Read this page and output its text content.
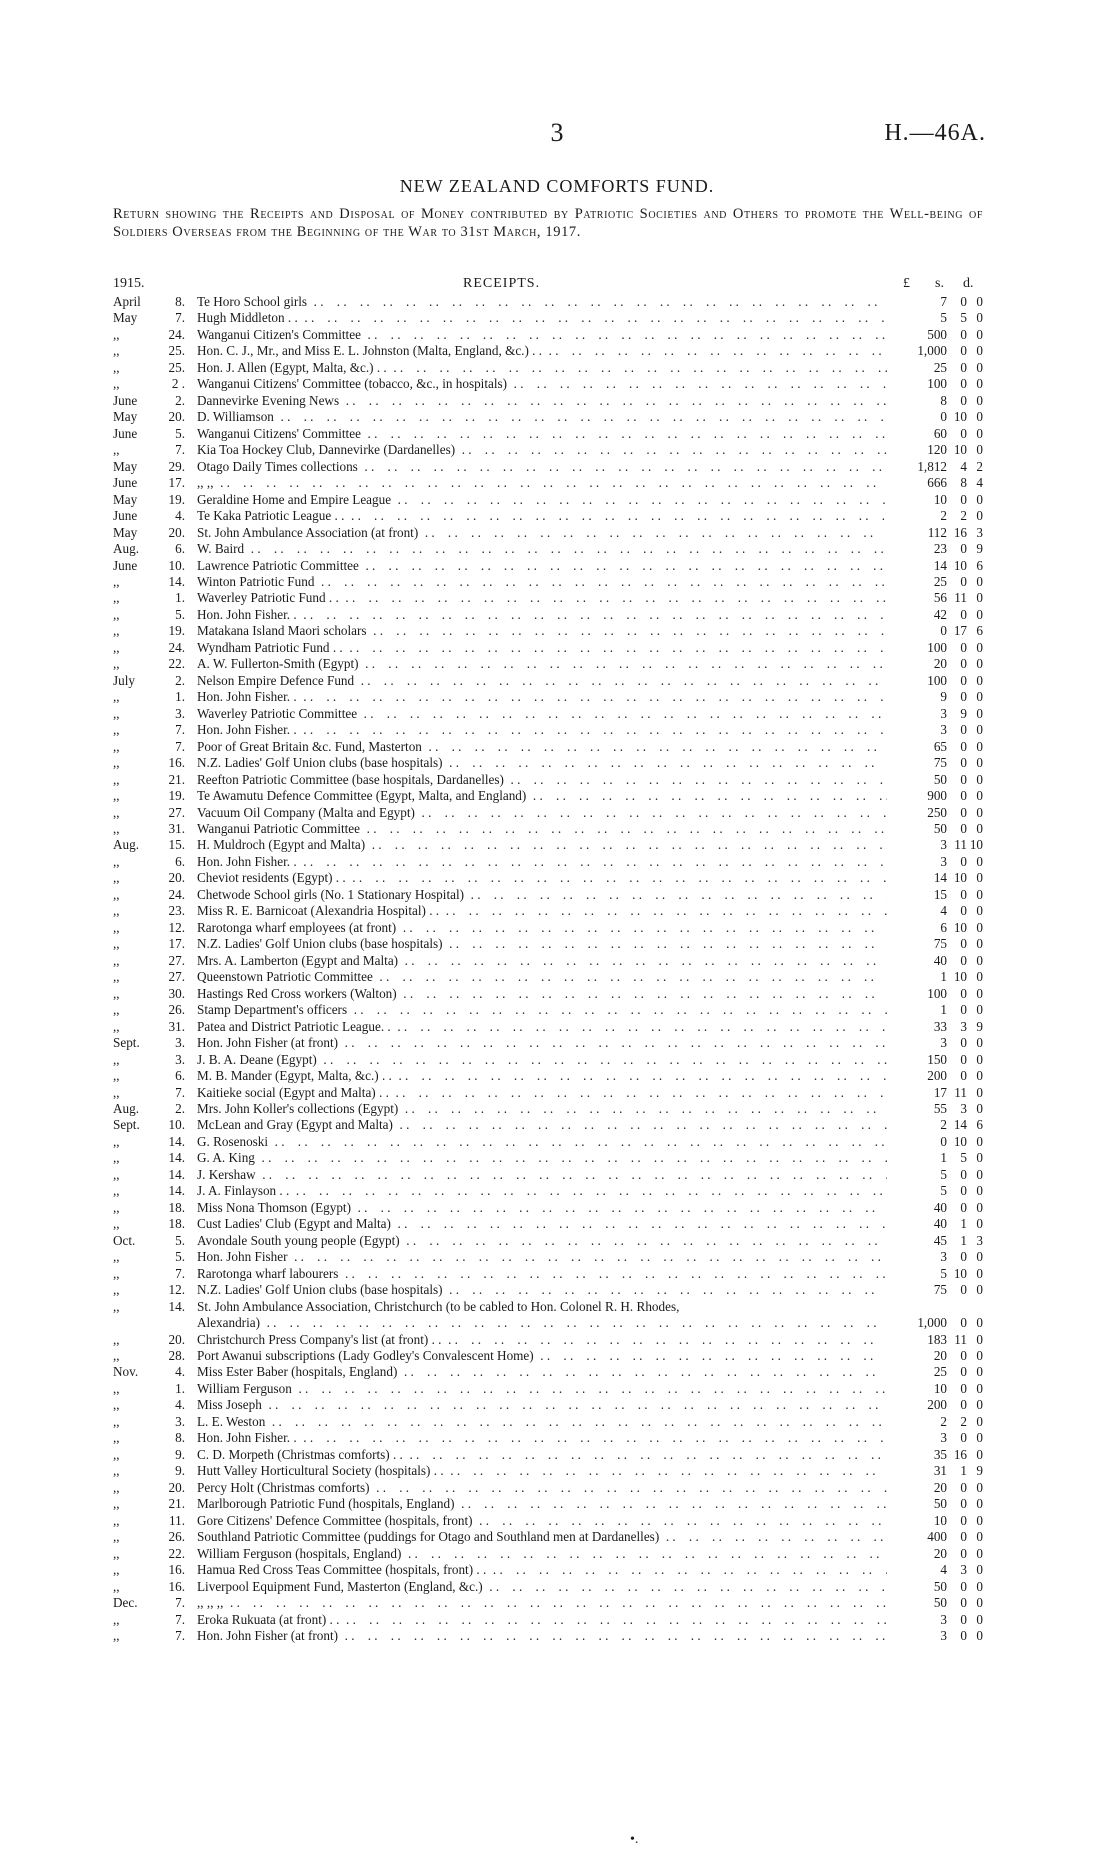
3	H.—46A.
NEW ZEALAND COMFORTS FUND.
Return showing the Receipts and Disposal of Money contributed by Patriotic Societies and Others to promote the Well-being of Soldiers Overseas from the Beginning of the War to 31st March, 1917.
1915.	RECEIPTS.	£ s. d.
April	8. Te Horo School girls . .	7	0 0
May	7. Hugh Middleton . . . .	5	5 0
,,	24. Wanganui Citizen's Committee . .	500	0 0
,,	25. Hon. C. J., Mr., and Miss E. L. Johnston (Malta, England, &c.) . . . .	1,000	0 0
,,	25. Hon. J. Allen (Egypt, Malta, &c.) . . . .	25	0 0
,,	2 . Wanganui Citizens' Committee (tobacco, &c., in hospitals) . .	100	0 0
June	2. Dannevirke Evening News . .	8	0 0
May	20. D. Williamson . .	0 10 0
June	5. Wanganui Citizens' Committee . .	60	0 0
,,	7. Kia Toa Hockey Club, Dannevirke (Dardanelles) . .	120 10 0
May	29. Otago Daily Times collections . .	1,812	4 2
June	17. ,, ,, . .	666	8 4
May	19. Geraldine Home and Empire League . .	10	0 0
June	4. Te Kaka Patriotic League . . . .	2	2 0
May	20. St. John Ambulance Association (at front) . .	112 16 3
Aug.	6. W. Baird . .	23	0 9
June	10. Lawrence Patriotic Committee . .	14 10 6
,,	14. Winton Patriotic Fund . .	25	0 0
,,	1. Waverley Patriotic Fund . . . .	56 11 0
,,	5. Hon. John Fisher. . . .	42	0 0
,,	19. Matakana Island Maori scholars . .	0 17 6
,,	24. Wyndham Patriotic Fund . . . .	100	0 0
,,	22. A. W. Fullerton-Smith (Egypt) . .	20	0 0
July	2. Nelson Empire Defence Fund . .	100	0 0
,,	1. Hon. John Fisher. . . .	9	0 0
,,	3. Waverley Patriotic Committee . .	3	9 0
,,	7. Hon. John Fisher. . . .	3	0 0
,,	7. Poor of Great Britain &c. Fund, Masterton . .	65	0 0
,,	16. N.Z. Ladies' Golf Union clubs (base hospitals) . .	75	0 0
,,	21. Reefton Patriotic Committee (base hospitals, Dardanelles) . .	50	0 0
,,	19. Te Awamutu Defence Committee (Egypt, Malta, and England) . .	900	0 0
,,	27. Vacuum Oil Company (Malta and Egypt) . .	250	0 0
,,	31. Wanganui Patriotic Committee . .	50	0 0
Aug.	15. H. Muldroch (Egypt and Malta) . .	3 11 10
,,	6. Hon. John Fisher. . . .	3	0 0
,,	20. Cheviot residents (Egypt) . . . .	14 10 0
,,	24. Chetwode School girls (No. 1 Stationary Hospital) . .	15	0 0
,,	23. Miss R. E. Barnicoat (Alexandria Hospital) . . . .	4	0 0
,,	12. Rarotonga wharf employees (at front) . .	6 10 0
,,	17. N.Z. Ladies' Golf Union clubs (base hospitals) . .	75	0 0
,,	27. Mrs. A. Lamberton (Egypt and Malta) . .	40	0 0
,,	27. Queenstown Patriotic Committee . .	1 10 0
,,	30. Hastings Red Cross workers (Walton) . .	100	0 0
,,	26. Stamp Department's officers . .	1	0 0
,,	31. Patea and District Patriotic League. . . .	33	3 9
Sept.	3. Hon. John Fisher (at front) . .	3	0 0
,,	3. J. B. A. Deane (Egypt) . .	150	0 0
,,	6. M. B. Mander (Egypt, Malta, &c.) . . . .	200	0 0
,,	7. Kaitieke social (Egypt and Malta) . . . .	17 11 0
Aug.	2. Mrs. John Koller's collections (Egypt) . .	55	3 0
Sept.	10. McLean and Gray (Egypt and Malta) . .	2 14 6
,,	14. G. Rosenoski . .	0 10 0
,,	14. G. A. King . .	1	5 0
,,	14. J. Kershaw . .	5	0 0
,,	14. J. A. Finlayson . . . .	5	0 0
,,	18. Miss Nona Thomson (Egypt) . .	40	0 0
,,	18. Cust Ladies' Club (Egypt and Malta) . .	40	1 0
Oct.	5. Avondale South young people (Egypt) . .	45	1 3
,,	5. Hon. John Fisher . .	3	0 0
,,	7. Rarotonga wharf labourers . .	5 10 0
,,	12. N.Z. Ladies' Golf Union clubs (base hospitals) . .	75	0 0
,,	14. St. John Ambulance Association, Christchurch (to be cabled to Hon. Colonel R. H. Rhodes,
Alexandria) . .	1,000	0 0
,,	20. Christchurch Press Company's list (at front) . . . .	183 11 0
,,	28. Port Awanui subscriptions (Lady Godley's Convalescent Home) . .	20	0 0
Nov.	4. Miss Ester Baber (hospitals, England) . .	25	0 0
,,	1. William Ferguson . .	10	0 0
,,	4. Miss Joseph . .	200	0 0
,,	3. L. E. Weston . .	2	2 0
,,	8. Hon. John Fisher. . . .	3	0 0
,,	9. C. D. Morpeth (Christmas comforts) . . . .	35 16 0
,,	9. Hutt Valley Horticultural Society (hospitals) . . . .	31	1 9
,,	20. Percy Holt (Christmas comforts) . .	20	0 0
,,	21. Marlborough Patriotic Fund (hospitals, England) . .	50	0 0
,,	11. Gore Citizens' Defence Committee (hospitals, front) . .	10	0 0
,,	26. Southland Patriotic Committee (puddings for Otago and Southland men at Dardanelles) . .	400	0 0
,,	22. William Ferguson (hospitals, England) . .	20	0 0
,,	16. Hamua Red Cross Teas Committee (hospitals, front) . . . .	4	3 0
,,	16. Liverpool Equipment Fund, Masterton (England, &c.) . .	50	0 0
Dec.	7. ,, ,, ,, . .	50	0 0
,,	7. Eroka Rukuata (at front) . . . .	3	0 0
,,	7. Hon. John Fisher (at front) . .	3	0 0
•.
